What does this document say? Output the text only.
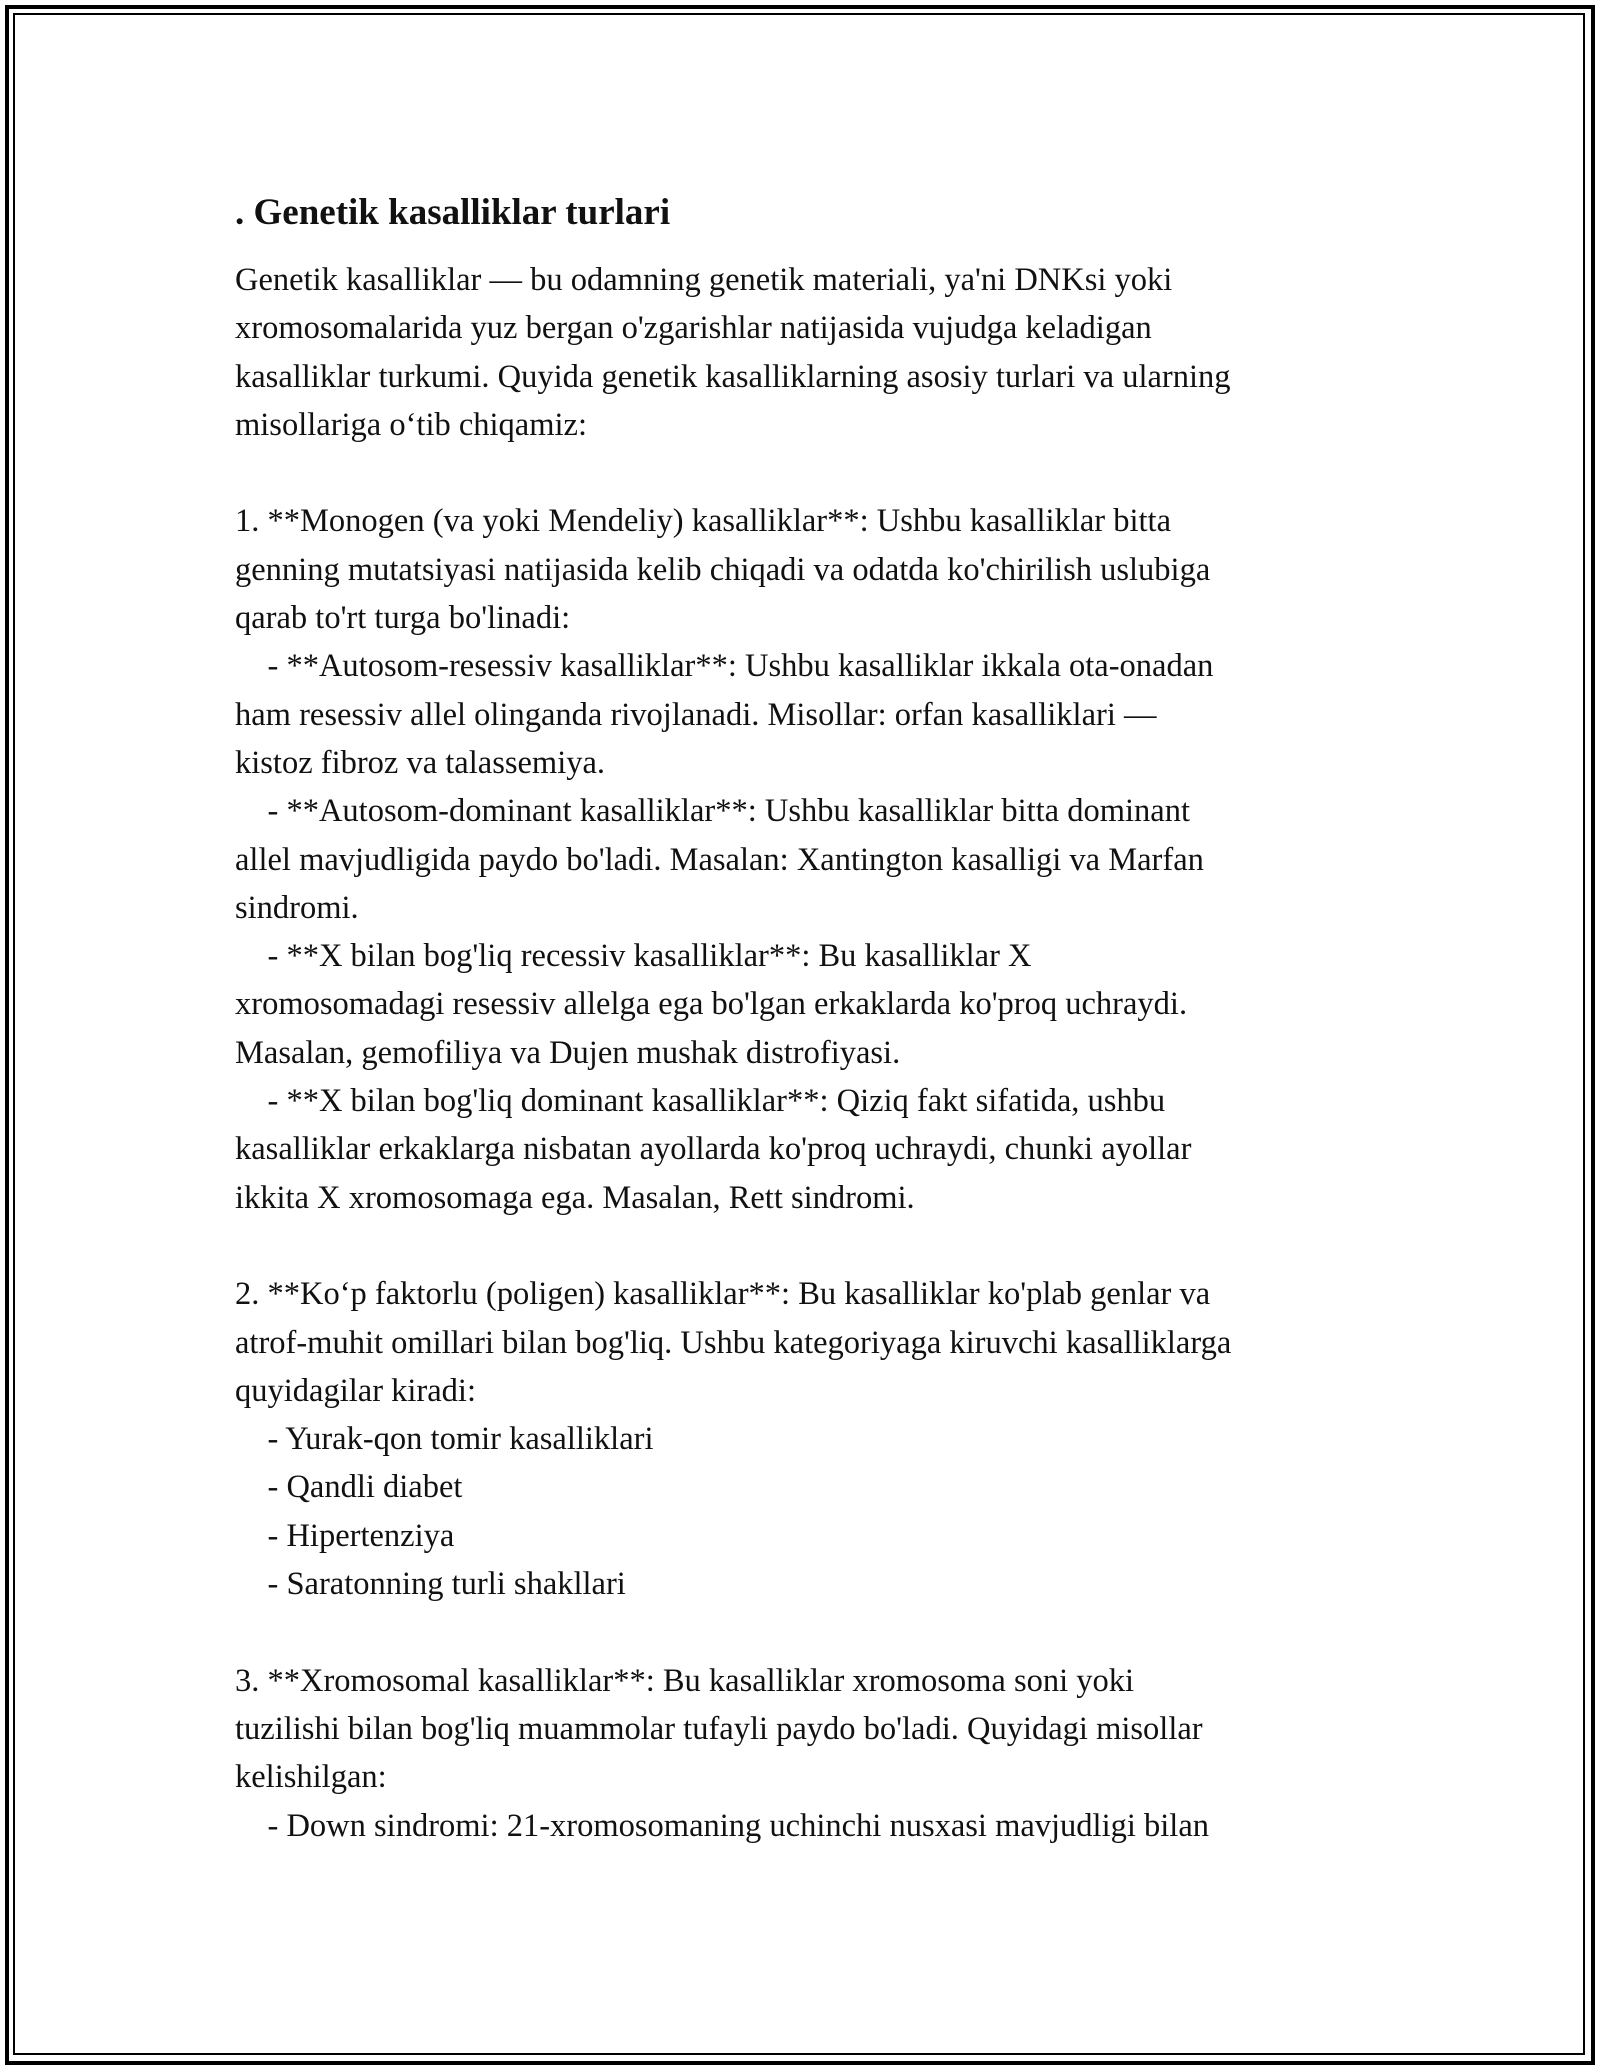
. Genetik kasalliklar turlari
Genetik kasalliklar — bu odamning genetik materiali, ya'ni DNKsi yoki
xromosomalarida yuz bergan o'zgarishlar natijasida vujudga keladigan
kasalliklar turkumi. Quyida genetik kasalliklarning asosiy turlari va ularning
misollariga o‘tib chiqamiz:
1. **Monogen (va yoki Mendeliy) kasalliklar**: Ushbu kasalliklar bitta
genning mutatsiyasi natijasida kelib chiqadi va odatda ko'chirilish uslubiga
qarab to'rt turga bo'linadi:
- **Autosom-resessiv kasalliklar**: Ushbu kasalliklar ikkala ota-onadan
ham resessiv allel olinganda rivojlanadi. Misollar: orfan kasalliklari —
kistoz fibroz va talassemiya.
- **Autosom-dominant kasalliklar**: Ushbu kasalliklar bitta dominant
allel mavjudligida paydo bo'ladi. Masalan: Xantington kasalligi va Marfan
sindromi.
- **X bilan bog'liq recessiv kasalliklar**: Bu kasalliklar X
xromosomadagi resessiv allelga ega bo'lgan erkaklarda ko'proq uchraydi.
Masalan, gemofiliya va Dujen mushak distrofiyasi.
- **X bilan bog'liq dominant kasalliklar**: Qiziq fakt sifatida, ushbu
kasalliklar erkaklarga nisbatan ayollarda ko'proq uchraydi, chunki ayollar
ikkita X xromosomaga ega. Masalan, Rett sindromi.
2. **Ko‘p faktorlu (poligen) kasalliklar**: Bu kasalliklar ko'plab genlar va
atrof-muhit omillari bilan bog'liq. Ushbu kategoriyaga kiruvchi kasalliklarga
quyidagilar kiradi:
- Yurak-qon tomir kasalliklari
- Qandli diabet
- Hipertenziya
- Saratonning turli shakllari
3. **Xromosomal kasalliklar**: Bu kasalliklar xromosoma soni yoki
tuzilishi bilan bog'liq muammolar tufayli paydo bo'ladi. Quyidagi misollar
kelishilgan:
- Down sindromi: 21-xromosomaning uchinchi nusxasi mavjudligi bilan
